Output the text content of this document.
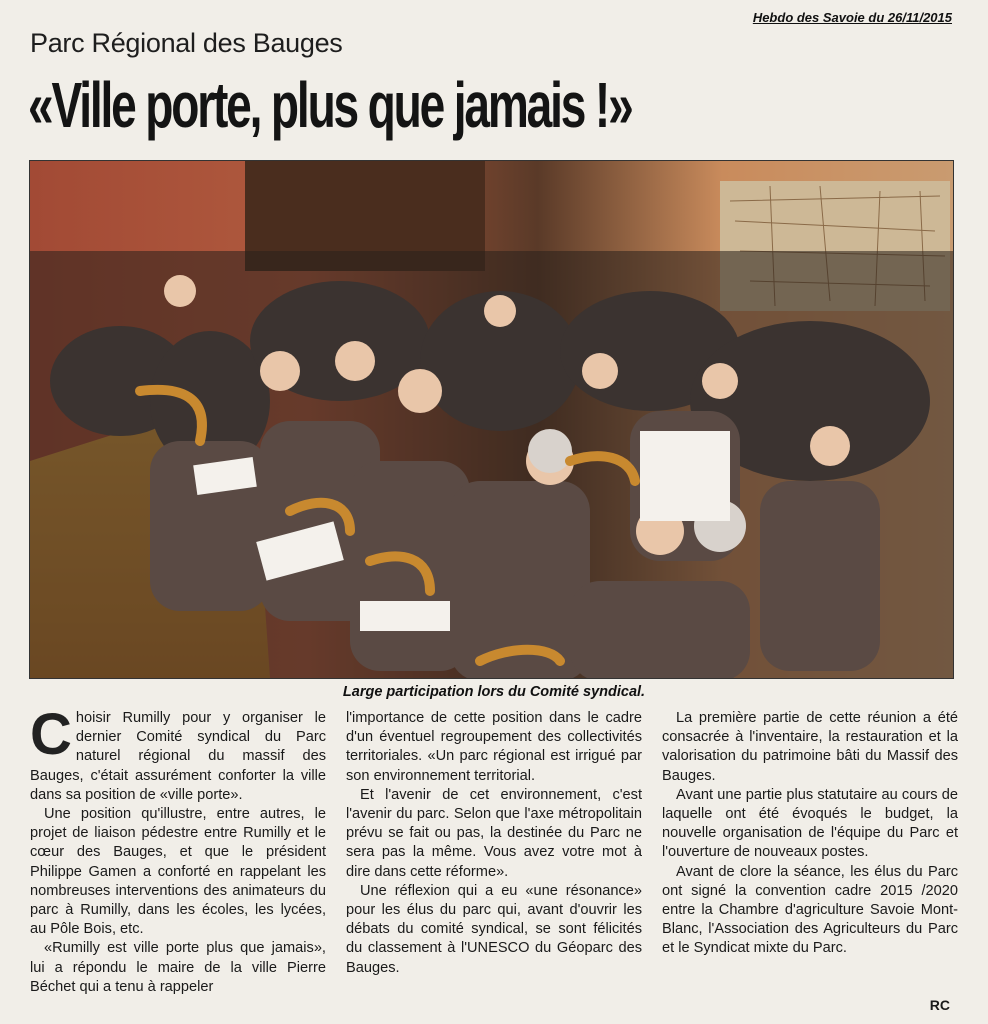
Hebdo des Savoie du 26/11/2015
Parc Régional des Bauges
«Ville porte, plus que jamais !»
Large participation lors du Comité syndical.

Choisir Rumilly pour y organiser le dernier Comité syndical du Parc naturel régional du massif des Bauges, c'était assurément conforter la ville dans sa position de «ville porte».

Une position qu'illustre, entre autres, le projet de liaison pédestre entre Rumilly et le cœur des Bauges, et que le président Philippe Gamen a conforté en rappelant les nombreuses interventions des animateurs du parc à Rumilly, dans les écoles, les lycées, au Pôle Bois, etc.

«Rumilly est ville porte plus que jamais», lui a répondu le maire de la ville Pierre Béchet qui a tenu à rappeler

l'importance de cette position dans le cadre d'un éventuel regroupement des collectivités territoriales. «Un parc régional est irrigué par son environnement territorial.

Et l'avenir de cet environnement, c'est l'avenir du parc. Selon que l'axe métropolitain prévu se fait ou pas, la destinée du Parc ne sera pas la même. Vous avez votre mot à dire dans cette réforme».

Une réflexion qui a eu «une résonance» pour les élus du parc qui, avant d'ouvrir les débats du comité syndical, se sont félicités du classement à l'UNESCO du Géoparc des Bauges.

La première partie de cette réunion a été consacrée à l'inventaire, la restauration et la valorisation du patrimoine bâti du Massif des Bauges.

Avant une partie plus statutaire au cours de laquelle ont été évoqués le budget, la nouvelle organisation de l'équipe du Parc et l'ouverture de nouveaux postes.

Avant de clore la séance, les élus du Parc ont signé la convention cadre 2015 /2020 entre la Chambre d'agriculture Savoie Mont-Blanc, l'Association des Agriculteurs du Parc et le Syndicat mixte du Parc.

RC
